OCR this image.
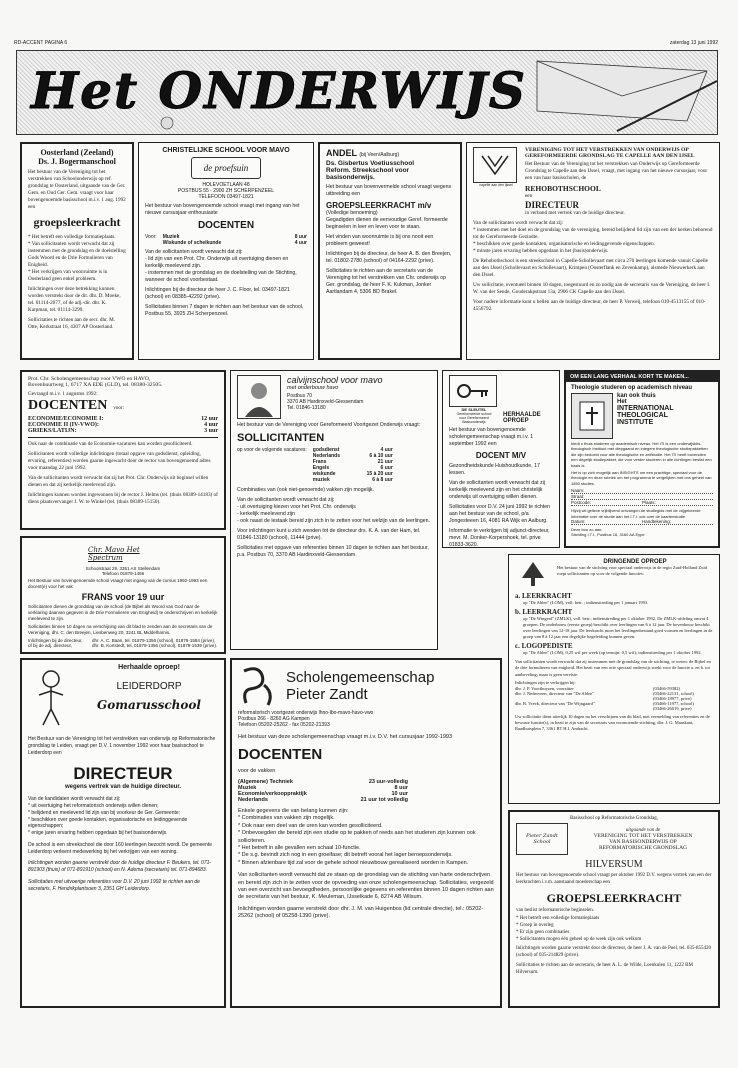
RD-ACCENT PAGINA 6	zaterdag 13 juni 1992
Het ONDERWIJS
Oosterland (Zeeland)
Ds. J. Bogermanschool

Het bestuur van de Vereniging tot het verstrekken van Schoolonderwijs op ref. grondslag te Oosterland, uitgaande van de Ger. Gem. en Oud Ger. Gem. vraagt voor haar bovengenoemde basisschool m.i.v. 1 aug. 1992 een

groepsleerkracht

* Het betreft een volledige formatieplaats.

* Van sollicitanten wordt verwacht dat zij instemmen met de grondslag en de doelstelling Gods Woord en de Drie Formulieren van Enigheid.

* Het verkrijgen van woonruimte is in Oosterland geen enkel probleem.

Inlichtingen over deze betrekking kunnen worden verstrekt door de dir. dhr. D. Moeke, tel. 01114-2077, of de adj.-dir. dhr. K. Karpman, tel. 01114-3299.

Sollicitaties te richten aan de secr. dhr. M. Otte, Kerkstraat 16, 4307 AP Oosterland.

CHRISTELIJKE SCHOOL VOOR MAVO
de proefsuin
HOLEVOETLAAN 48
POSTBUS 55 - 2900 ZH SCHERPENZEEL
TELEFOON 03497-1821

Het bestuur van bovengenoemde school vraagt met ingang van het nieuwe cursusjaar enthousiaste

DOCENTEN
Voor: Muziek	8 uur
Wiskunde of scheikunde	4 uur

Van de sollicitanten wordt verwacht dat zij:

- lid zijn van een Prot. Chr. Onderwijs uit overtuiging dienen en kerkelijk meelevend zijn.

- instemmen met de grondslag en de doelstelling van de Stichting, wanneer de school voorbestaat.

Inlichtingen bij de directeur de heer J. C. Floor, tel. 03497-1821 (school) en 08385-42292 (prive).

Sollicitaties binnen 7 dagen te richten aan het bestuur van de school, Postbus 55, 3925 ZH Scherpenzeel.

ANDEL (bij Veen/Aalburg)
Ds. Gisbertus Voetiusschool
Reform. Streekschool voor
basisonderwijs.

Het bestuur van bovenvermelde school vraagt wegens uitbreiding een

GROEPSLEERKRACHT m/v

(Volledige benoeming)

Gegadigden dienen de eenvoudige Geref. formeerde beginselen in leer en leven voor te staan.

Het vinden van woonruimte is bij ons nooit een probleem geweest!

Inlichtingen bij de directeur, de heer A. B. den Breejen, tel. 01802-2780 (school) of 04164-2292 (prive).

Sollicitaties te richten aan de secretaris van de Vereniging tot het verstrekken van Chr. onderwijs op Ger. grondslag, de heer F. K. Kukman, Jonker Aartlandam 4, 5306 BD Brakel.

capelle aan den ijssel
VERENIGING TOT HET VERSTREKKEN VAN ONDERWIJS OP GEREFORMEERDE GRONDSLAG TE CAPELLE AAN DEN IJSEL

Het Bestuur van de Vereniging tot het verstrekken van Onderwijs op Gereformeerde Grondslag te Capelle aan den IJssel, vraagt, met ingang van het nieuwe cursusjaar, voor een van haar basisscholen, de

REHOBOTHSCHOOL

een

DIRECTEUR

in verband met vertrek van de huidige directeur.

Van de sollicitanten wordt verwacht dat zij:

* instemmen met het doel en de grondslag van de vereniging, bereid belijdend lid zijn van een der kerken behorend tot de Gereformeerde Gezindte.

* beschikken over goede kontakten, organisatorische en leidinggevende eigenschappen.

* minste jaren ervaring hebben opgedaan in het (basis)onderwijs.

De Rehobothschool is een streekschool in Capelle-Schollevaart met circa 270 leerlingen komende vanuit Capelle aan den IJssel (Schollevaart en Schollevaart), Krimpen (Oosterflank en Zevenkamp), alsmede Nieuwerkerk aan den IJssel.

Uw sollicitatie, eventueel binnen 10 dagen, toegestuurd en zo nodig aan de secretaris van de Vereniging, de heer I. W. van der Sende, Gouderakpstraat 13a, 2906 CK Capelle aan den IJssel.

Voor nadere informatie kunt u bellen aan de huidige directeur, de heer P. Verweij, telefoon 010-4513155 of 010-4556792.

Prot. Chr. Scholengemeenschap voor VWO en HAVO,
Bovenbuurtweg 1, 6717 XA EDE (GLD), tel. 08380-32505.

Gevraagd m.i.v. 1 augustus 1992:

DOCENTEN voor:
ECONOMIE/ECONOMIE I:	12 uur
ECONOMIE II (IV-VWO):	4 uur
GRIEKS/LATIJN:	3 uur

Ook naar de combinatie van de Economie-vacatures kan worden gesolliciteerd.

Sollicitanten wordt volledige inlichtingen (totaal opgave van godsdienst, opleiding, ervaring, referenties) worden gaarne ingewacht door de rector van bovengenoemd adres voor maandag 22 juni 1992.

Van de sollicitanten wordt verwacht dat zij het Prot. Chr. Onderwijs uit beginsel willen dienen en dat zij kerkelijk meelevend zijn.

Inlichtingen kunnen worden ingewonnen bij de rector J. Helms (tel. (thuis 08389-14183) of diens plaatsvervanger J. W. te Winkel (tel. (thuis 08389-15150).

calvijnschool voor mavo
met onderbouw havo
Postbus 70
3370 AB Hardinxveld-Giessendam
Tel. 01846-13180

Het bestuur van de Vereniging voor Gereformeerd Voortgezet Onderwijs vraagt:

SOLLICITANTEN
op voor de volgende vacatures: godsdienst	4 uur
Nederlands	6 à 10 uur
Frans	21 uur
Engels	6 uur
wiskunde	15 à 20 uur
muziek	6 à 8 uur

Combinaties van (ook niet-genoemde) vakken zijn mogelijk.

Van de sollicitanten wordt verwacht dat zij:

- uit overtuiging kiezen voor het Prot. Chr. onderwijs

- kerkelijk meelevend zijn

- ook naast de lestaak bereid zijn zich in te zetten voor het welzijn van de leerlingen.

Voor inlichtingen kunt u zich wenden tot de directeur drs. K. A. van der Ham, tel. 01846-13180 (school), 11444 (prive).

Sollicitaties met opgave van referenties binnen 10 dagen te richten aan het bestuur, p.a. Postbus 70, 3370 AB Hardinxveld-Giessendam.

DE SLEUTEL
Gereformeerde school
voor Gereformeerd
Basisonderwijs
HERHAALDE OPROEP

Het bestuur van bovengenoemde scholengemeenschap vraagt m.i.v. 1 september 1992 een

DOCENT M/V

Gezondheidskunde Huishoudkunde, 17 lessen.

Van de sollicitanten wordt verwacht dat zij kerkelijk meelevend zijn en het christelijk onderwijs uit overtuiging willen dienen.

Sollicitaties voor D.V. 24 juni 1992 te richten aan het bestuur van de school, p/a Jongesteeen 16, 4081 RA Wijk en Aalburg.

Informatie te verkrijgen bij adjunct-directeur, mevr. M. Donker-Korpershoek, tel. prive 01833-3620.

OM EEN LANG VERHAAL KORT TE MAKEN...
Theologie studeren op academisch niveau
kan ook thuis
Het
INTERNATIONAL
THEOLOGICAL
INSTITUTE

biedt u thuis studeren op academisch niveau. Het ITI is een onderwijsbiis-theologisch Instituut met diepgaand en integere theologische studiepakketten die zijn bedoeld voor alle theologische en zelfstudie. Het ITI heeft bovendien een degelijk studiepakket, die voor verder studeren in alle richtingen beslist een basis is.

Het is op zich mogelijk aan INSIGHTS om een prachtige, speciaal voor de theologie en deze rubriek om het programma te vergelijken met ons geheel van 1850 studies.

Naam:
Straat:
Postcode:	Plaats:

Hij/zij wil gelieve vrijblijvend ontvangen de studiegids met de vrijgekeerde informatie over de studie aan het I.T.I. ook over de kaartenstudie

Datum:	Handtekening:
Deze bon zo aan:
Stichting I.T.I., Postbus 16, 3160 AA Eype
Chr. Mavo Het Spectrum
Schoolstraat 29, 3351 AX Stellendam
Telefoon 01879-1456

Het Bestuur van bovengenoemde school vraagt met ingang van de cursus 1992-1993 een docent(e) voor het vak

FRANS voor 19 uur

Sollicitanten dienen de grondslag van de school (de Bijbel als Woord van God naar de verklaring daarvan gegeven in de Drie Formulieren van Enigheid) te onderschrijven en kerkelijk meelevend te zijn.

Sollicitaties binnen 10 dagen na verschijning van dit blad te zenden aan de secretaris van de Vereniging, dhr. C. den Breejen, Liesbenweg 20, 3241 BL Middelharnis.

Inlichtingen bij de directeur,	dhr. A. C. Baan, tel. 01879-1356 (school), 01879-1584 (prive),
of bij de adj. directeur,	dhr. B. Kortstedt, tel. 01879-1356 (school), 01879-1539 (prive).
DRINGENDE OPROEP

Het bestuur van de stichting voor speciaal onderwijs in de regio Zuid-Holland Zuid roept sollicitanten op voor de volgende functies:

a. LEERKRACHT

op "De Ahlee" (LOM), voll. betr. ; indiensttreding per 1 januari 1993.

b. LEERKRACHT

op "De Wingerd" (ZMLK), voll. betr.; indiensttreding per 1 oktober 1992. De ZMLK-afdeling omvat 4 groepen. De onderbouw (eerste groep) beschikt over leerlingen van 6 à 12 jaar. De bovenbouw beschikt over leerlingen van 12-18 jaar. De leerkracht moet het leerlingenbestand goed vormen en leerlingen in de groep van 8 à 12 jaar een degelijke begeleiding kunnen geven.

c. LOGOPEDISTE

op "De Ahlee" (LOM), 0,25 wtf per week (op termijn: 0,5 wtf); indiensttreding per 1 oktober 1992.

Van sollicitanten wordt verwacht dat zij instemmen met de grondslag van de stichting, te weten: de Bijbel en de drie formulieren van enigheid. Het bezit van een acte speciaal onderwijs strekt voor de functie a. en b. tot aanbeveling; maar is geen vereiste.

Inlichtingen zijn te verkrijgen bij:

dhr. J. P. Voorthuyzen, voorzitter	(03466-59382)
dhr. J. Nederveen, directeur van "De Ahlee"	(03466-22131, school)
(03466-18977, prive)
dhr. B. Vreek, directeur van "De Wijngaard"	(03466-11977, school)
(03466-26019, prive)

Uw sollicitatie dient uiterlijk 10 dagen na het verschijnen van dit blad, met vermelding van referenties en de bewuste functie(s), in bezit te zijn van de secretaris van voornoemde stichting, dhr. J. G. Maaskant, Raadhuisplein 7, 3361 BT H.I. Ambacht.

Scholengemeenschap
Pieter Zandt
reformatorisch voortgezet onderwijs lhno-lbo-mavo-havo-vwo
Postbus 266 - 8260 AG Kampen
Telefoon 05202-25262 - fax 05202-21393

Het bestuur van deze scholengemeenschap vraagt m.i.v. D.V. het cursusjaar 1992-1993

DOCENTEN

voor de vakken

(Algemene) Techniek	23 uur-volledig
Muziek	8 uur
Economie/verkooppraktijk	10 uur
Nederlands	21 uur tot volledig

Enkele gegevens die van belang kunnen zijn:

* Combinaties van vakken zijn mogelijk.

* Ook naar een deel van de uren kan worden gesolliciteerd.

* Onbevoegden die bereid zijn een studie op te pakken of reeds aan het studeren zijn kunnen ook solliciteren.

* Het betreft in alle gevallen een schaal 10-functie.

* De s.g. bevindt zich nog in een groeifase; dit betreft vooral het lager beroepsonderwijs.

* Binnen afzienbare tijd zal voor de gehele school nieuwbouw gerealiseerd worden in Kampen.

Van sollicitanten wordt verwacht dat ze staan op de grondslag van de stichting van harte onderschrijven en bereid zijn zich in te zetten voor de opvoeding van onze scholengemeenschap. Sollicitaties, vergezeld van een overzicht van bevoegdheden, persoonlijke gegevens en referenties binnen 10 dagen richten aan de secretaris van het bestuur, K. Meuleman, IJsselkade 6, 8274 AB Wilsum.

Inlichtingen worden gaarne verstrekt door dhr. J. M. van Huigenbos (lid centrale directie), tel.: 05202-25262 (school) of 05258-1390 (prive).

Herhaalde oproep!
LEIDERDORP
Gomarusschool

Het Bestuur van de Vereniging tot het verstrekken van onderwijs op Reformatorische grondslag te Leiden, vraagt per D.V. 1 november 1992 voor haar basisschool te Leiderdorp een

DIRECTEUR
wegens vertrek van de huidige directeur.

Van de kandidaten wordt verwacht dat zij:

* uit overtuiging het reformatorisch onderwijs willen dienen;

* belijdend en meelevend lid zijn van bij voorkeur de Ger. Gemeente;

* beschikken over goede kontakten, organisatorische en leidinggevende eigenschappen;

* enige jaren ervaring hebben opgedaan bij het basisonderwijs.

De school is een streekschool die door 160 leerlingen bezocht wordt. De gemeente Leiderdorp verleent medewerking bij het verkrijgen van een woning.

Inlichtingen worden gaarne verstrekt door de huidige directeur F. Beukers, tel. 071-891903 (thuis) of 071-891910 (school) en N. Adema (secretaris) tel. 071-894683.

Sollicitaties met uitvoerige referenties voor D.V. 20 juni 1992 te richten aan de secretaris, F. Hendrikplantsoen 3, 2351 GH Leiderdorp.

Basisschool op Reformatorische Grondslag,
Pieter Zandt School
uitgaande van de
VERENIGING TOT HET VERSTREKKEN
VAN BASISONDERWIJS OP
REFORMATORISCHE GRONDSLAG
HILVERSUM

Het bestuur van bovengenoemde school vraagt per oktober 1992 D.V. wegens vertrek van een der leerkrachten i.v.m. aanstaand moederschap een

GROEPSLEERKRACHT

van beslist reformatorische beginselen.

* Het betreft een volledige formatieplaats

* Groep in overleg

* Er zijn geen combinaties

* Sollicitanten mogen één geheel op de week zijn ook welkom

Inlichtingen worden gaarne verstrekt door de directeur, de heer J. A. van de Poel, tel. 035-855420 (school) of 035-214829 (prive).

Sollicitaties te richten aan de secretaris, de heer A. L. de Wilde, Loenkulen 11, 1222 BM Hilversum.
